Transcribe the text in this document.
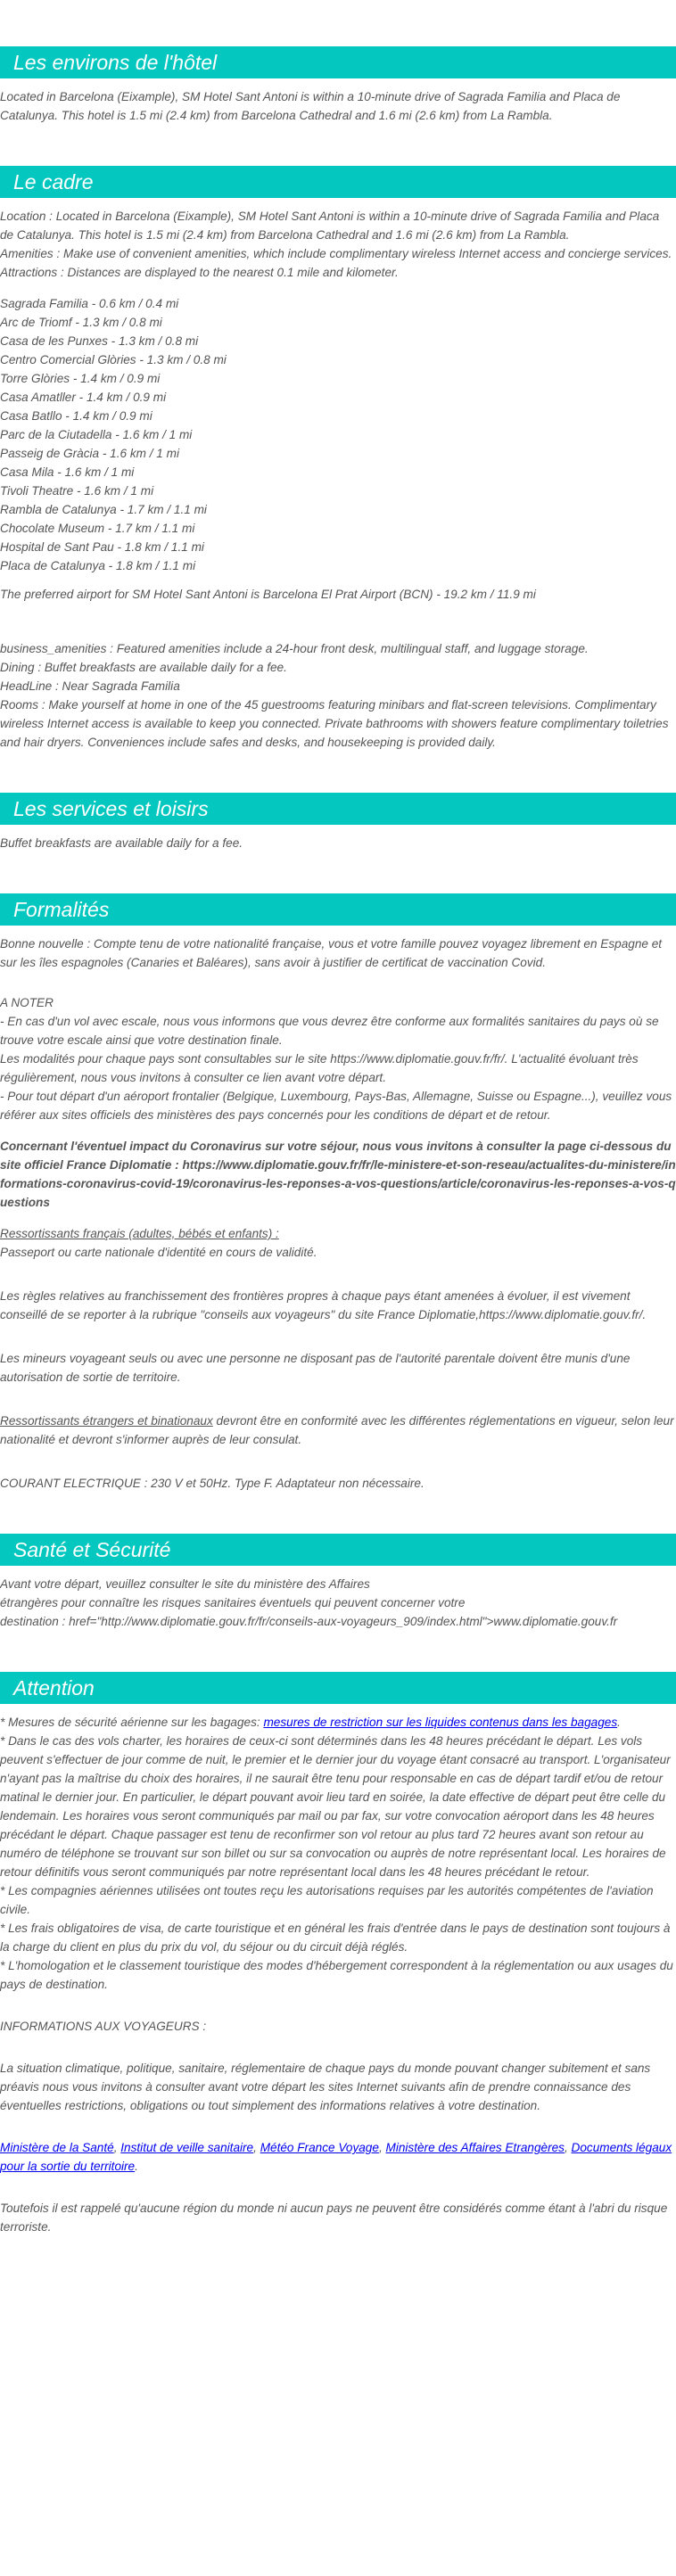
Les environs de l'hôtel

Located in Barcelona (Eixample), SM Hotel Sant Antoni is within a 10-minute drive of Sagrada Familia and Placa de Catalunya. This hotel is 1.5 mi (2.4 km) from Barcelona Cathedral and 1.6 mi (2.6 km) from La Rambla.

Le cadre

Location : Located in Barcelona (Eixample), SM Hotel Sant Antoni is within a 10-minute drive of Sagrada Familia and Placa de Catalunya. This hotel is 1.5 mi (2.4 km) from Barcelona Cathedral and 1.6 mi (2.6 km) from La Rambla.

Amenities : Make use of convenient amenities, which include complimentary wireless Internet access and concierge services.

Attractions : Distances are displayed to the nearest 0.1 mile and kilometer.

Sagrada Familia - 0.6 km / 0.4 mi

Arc de Triomf - 1.3 km / 0.8 mi

Casa de les Punxes - 1.3 km / 0.8 mi

Centro Comercial Glòries - 1.3 km / 0.8 mi

Torre Glòries - 1.4 km / 0.9 mi

Casa Amatller - 1.4 km / 0.9 mi

Casa Batllo - 1.4 km / 0.9 mi

Parc de la Ciutadella - 1.6 km / 1 mi

Passeig de Gràcia - 1.6 km / 1 mi

Casa Mila - 1.6 km / 1 mi

Tivoli Theatre - 1.6 km / 1 mi

Rambla de Catalunya - 1.7 km / 1.1 mi

Chocolate Museum - 1.7 km / 1.1 mi

Hospital de Sant Pau - 1.8 km / 1.1 mi

Placa de Catalunya - 1.8 km / 1.1 mi

The preferred airport for SM Hotel Sant Antoni is Barcelona El Prat Airport (BCN) - 19.2 km / 11.9 mi

business_amenities : Featured amenities include a 24-hour front desk, multilingual staff, and luggage storage.

Dining : Buffet breakfasts are available daily for a fee.

HeadLine : Near Sagrada Familia

Rooms : Make yourself at home in one of the 45 guestrooms featuring minibars and flat-screen televisions. Complimentary wireless Internet access is available to keep you connected. Private bathrooms with showers feature complimentary toiletries and hair dryers. Conveniences include safes and desks, and housekeeping is provided daily.

Les services et loisirs

Buffet breakfasts are available daily for a fee.

Formalités

Bonne nouvelle : Compte tenu de votre nationalité française, vous et votre famille pouvez voyagez librement en Espagne et sur les îles espagnoles (Canaries et Baléares), sans avoir à justifier de certificat de vaccination Covid.

A NOTER

- En cas d'un vol avec escale, nous vous informons que vous devrez être conforme aux formalités sanitaires du pays où se trouve votre escale ainsi que votre destination finale.

Les modalités pour chaque pays sont consultables sur le site https://www.diplomatie.gouv.fr/fr/. L'actualité évoluant très régulièrement, nous vous invitons à consulter ce lien avant votre départ.

- Pour tout départ d'un aéroport frontalier (Belgique, Luxembourg, Pays-Bas, Allemagne, Suisse ou Espagne...), veuillez vous référer aux sites officiels des ministères des pays concernés pour les conditions de départ et de retour.

Concernant l'éventuel impact du Coronavirus sur votre séjour, nous vous invitons à consulter la page ci-dessous du site officiel France Diplomatie : https://www.diplomatie.gouv.fr/fr/le-ministere-et-son-reseau/actualites-du-ministere/informations-coronavirus-covid-19/coronavirus-les-reponses-a-vos-questions/article/coronavirus-les-reponses-a-vos-questions

Ressortissants français (adultes, bébés et enfants) :

Passeport ou carte nationale d'identité en cours de validité.

Les règles relatives au franchissement des frontières propres à chaque pays étant amenées à évoluer, il est vivement conseillé de se reporter à la rubrique "conseils aux voyageurs" du site France Diplomatie,https://www.diplomatie.gouv.fr/.

Les mineurs voyageant seuls ou avec une personne ne disposant pas de l'autorité parentale doivent être munis d'une autorisation de sortie de territoire.

Ressortissants étrangers et binationaux devront être en conformité avec les différentes réglementations en vigueur, selon leur nationalité et devront s'informer auprès de leur consulat.

COURANT ELECTRIQUE : 230 V et 50Hz. Type F. Adaptateur non nécessaire.

Santé et Sécurité

Avant votre départ, veuillez consulter le site du ministère des Affaires

étrangères pour connaître les risques sanitaires éventuels qui peuvent concerner votre

destination : href="http://www.diplomatie.gouv.fr/fr/conseils-aux-voyageurs_909/index.html">www.diplomatie.gouv.fr

Attention

* Mesures de sécurité aérienne sur les bagages: mesures de restriction sur les liquides contenus dans les bagages.

* Dans le cas des vols charter, les horaires de ceux-ci sont déterminés dans les 48 heures précédant le départ. Les vols peuvent s'effectuer de jour comme de nuit, le premier et le dernier jour du voyage étant consacré au transport. L'organisateur n'ayant pas la maîtrise du choix des horaires, il ne saurait être tenu pour responsable en cas de départ tardif et/ou de retour matinal le dernier jour. En particulier, le départ pouvant avoir lieu tard en soirée, la date effective de départ peut être celle du lendemain. Les horaires vous seront communiqués par mail ou par fax, sur votre convocation aéroport dans les 48 heures précédant le départ. Chaque passager est tenu de reconfirmer son vol retour au plus tard 72 heures avant son retour au numéro de téléphone se trouvant sur son billet ou sur sa convocation ou auprès de notre représentant local. Les horaires de retour définitifs vous seront communiqués par notre représentant local dans les 48 heures précédant le retour.

* Les compagnies aériennes utilisées ont toutes reçu les autorisations requises par les autorités compétentes de l'aviation civile.

* Les frais obligatoires de visa, de carte touristique et en général les frais d'entrée dans le pays de destination sont toujours à la charge du client en plus du prix du vol, du séjour ou du circuit déjà réglés.

* L'homologation et le classement touristique des modes d'hébergement correspondent à la réglementation ou aux usages du pays de destination.

INFORMATIONS AUX VOYAGEURS :

La situation climatique, politique, sanitaire, réglementaire de chaque pays du monde pouvant changer subitement et sans préavis nous vous invitons à consulter avant votre départ les sites Internet suivants afin de prendre connaissance des éventuelles restrictions, obligations ou tout simplement des informations relatives à votre destination.

Ministère de la Santé, Institut de veille sanitaire, Météo France Voyage, Ministère des Affaires Etrangères, Documents légaux pour la sortie du territoire.

Toutefois il est rappelé qu'aucune région du monde ni aucun pays ne peuvent être considérés comme étant à l'abri du risque terroriste.
